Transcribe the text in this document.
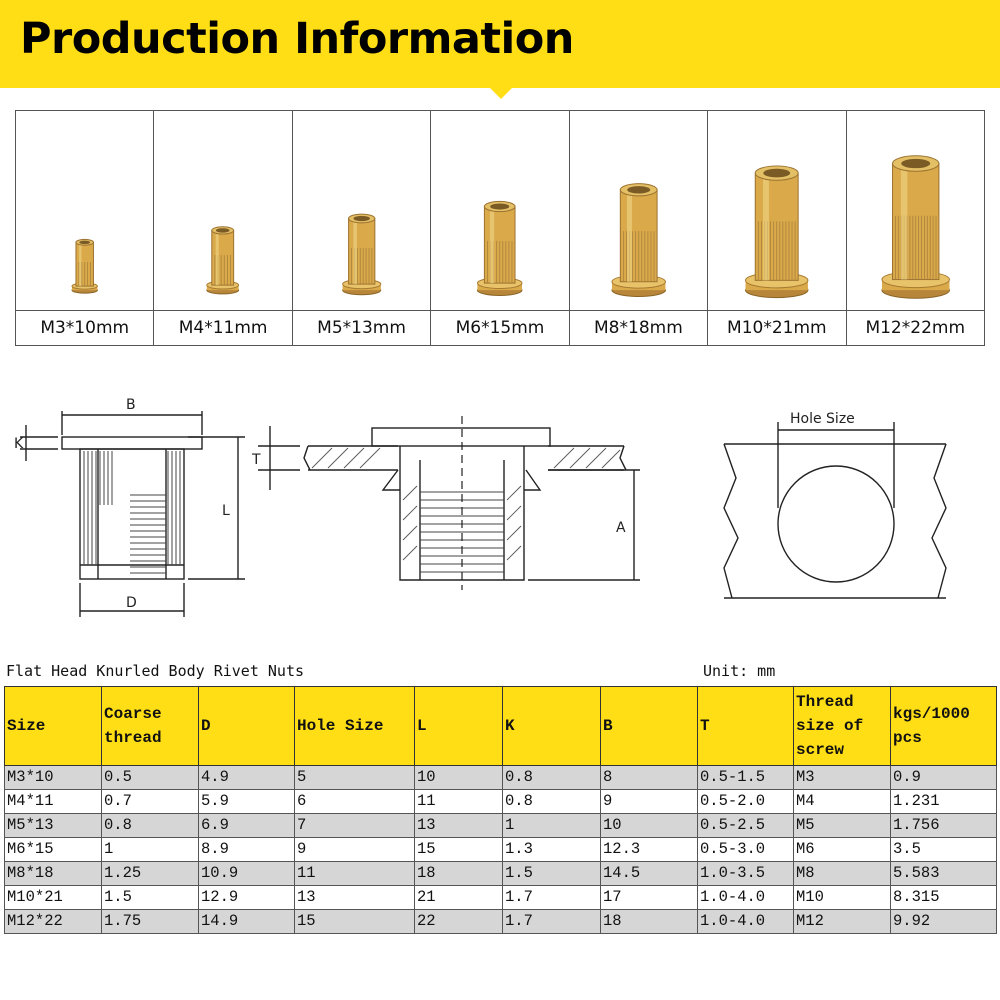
Production Information
M3*10mm	M4*11mm	M5*13mm	M6*15mm	M8*18mm	M10*21mm	M12*22mm
B
K
L
D
T
A
Hole Size
Flat Head Knurled Body Rivet Nuts	Unit: mm
Size	Coarse thread	D	Hole Size	L	K	B	T	Thread size of screw	kgs/1000 pcs
M3*10	0.5	4.9	5	10	0.8	8	0.5-1.5	M3	0.9
M4*11	0.7	5.9	6	11	0.8	9	0.5-2.0	M4	1.231
M5*13	0.8	6.9	7	13	1	10	0.5-2.5	M5	1.756
M6*15	1	8.9	9	15	1.3	12.3	0.5-3.0	M6	3.5
M8*18	1.25	10.9	11	18	1.5	14.5	1.0-3.5	M8	5.583
M10*21	1.5	12.9	13	21	1.7	17	1.0-4.0	M10	8.315
M12*22	1.75	14.9	15	22	1.7	18	1.0-4.0	M12	9.92
